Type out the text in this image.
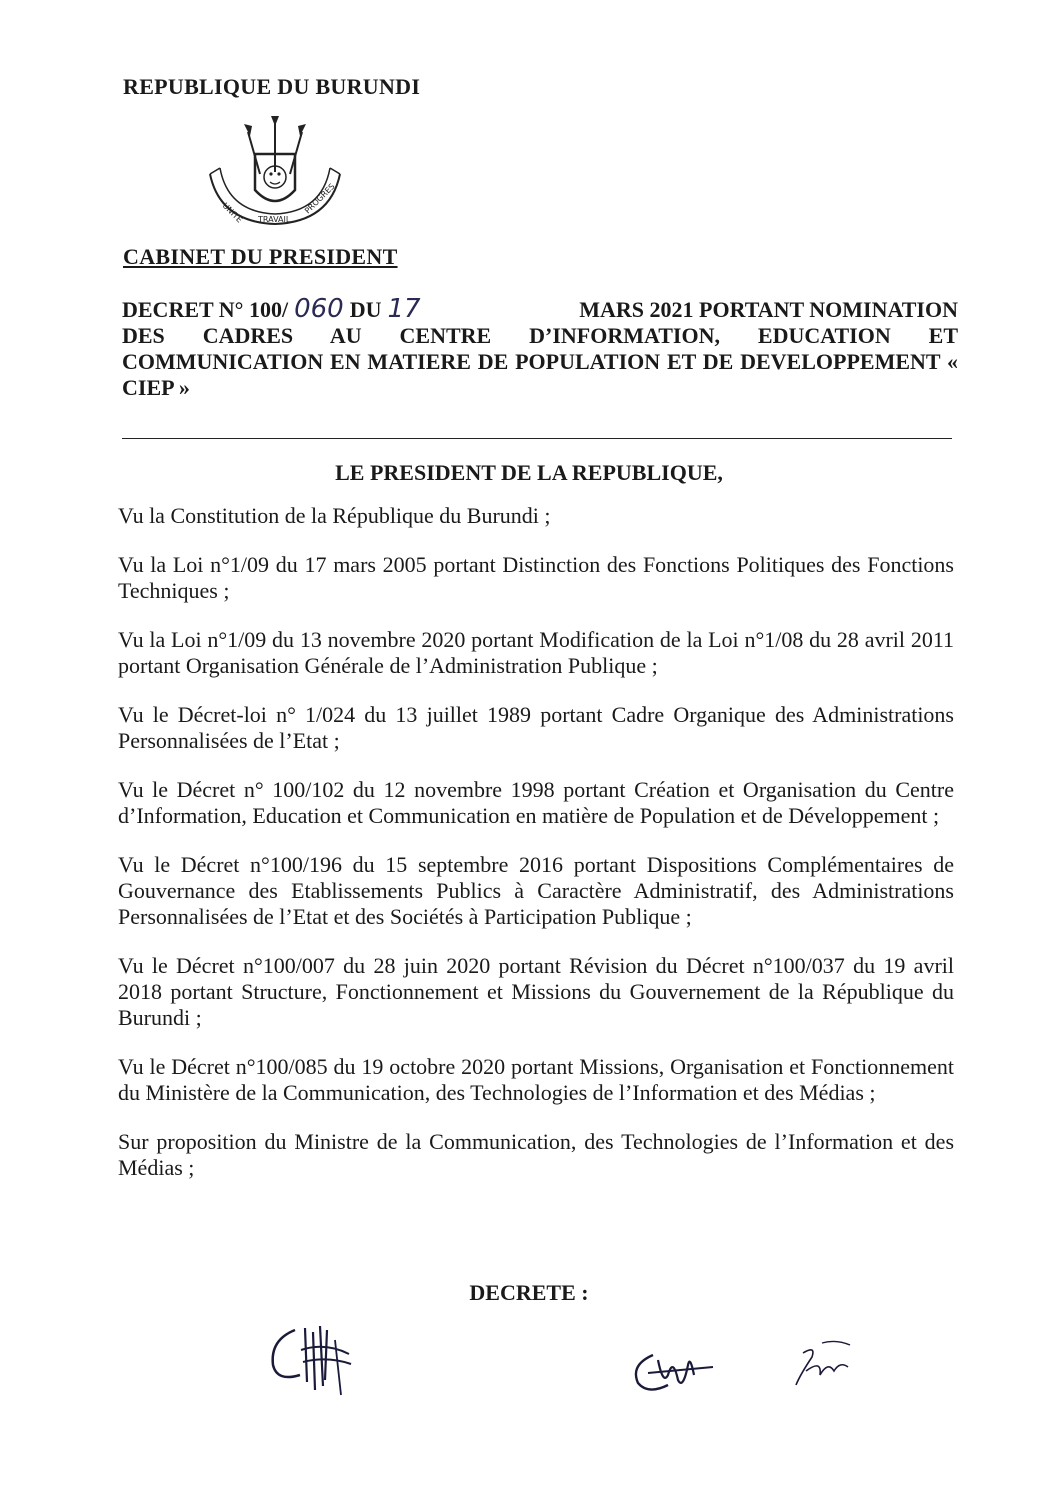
REPUBLIQUE DU BURUNDI
UNITE TRAVAIL
PROGRES
CABINET DU PRESIDENT
DECRET N° 100/ 060 DU 17	MARS 2021 PORTANT NOMINATION
DES CADRES AU CENTRE D’INFORMATION, EDUCATION ET COMMUNICATION EN MATIERE DE POPULATION ET DE DEVELOPPEMENT « CIEP »
LE PRESIDENT DE LA REPUBLIQUE,

Vu la Constitution de la République du Burundi ;

Vu la Loi n°1/09 du 17 mars 2005 portant Distinction des Fonctions Politiques des Fonctions Techniques ;

Vu la Loi n°1/09 du 13 novembre 2020 portant Modification de la Loi n°1/08 du 28 avril 2011 portant Organisation Générale de l’Administration Publique ;

Vu le Décret-loi n° 1/024 du 13 juillet 1989 portant Cadre Organique des Administrations Personnalisées de l’Etat ;

Vu le Décret n° 100/102 du 12 novembre 1998 portant Création et Organisation du Centre d’Information, Education et Communication en matière de Population et de Développement ;

Vu le Décret n°100/196 du 15 septembre 2016 portant Dispositions Complémentaires de Gouvernance des Etablissements Publics à Caractère Administratif, des Administrations Personnalisées de l’Etat et des Sociétés à Participation Publique ;

Vu le Décret n°100/007 du 28 juin 2020 portant Révision du Décret n°100/037 du 19 avril 2018 portant Structure, Fonctionnement et Missions du Gouvernement de la République du Burundi ;

Vu le Décret n°100/085 du 19 octobre 2020 portant Missions, Organisation et Fonctionnement du Ministère de la Communication, des Technologies de l’Information et des Médias ;

Sur proposition du Ministre de la Communication, des Technologies de l’Information et des Médias ;

DECRETE :
